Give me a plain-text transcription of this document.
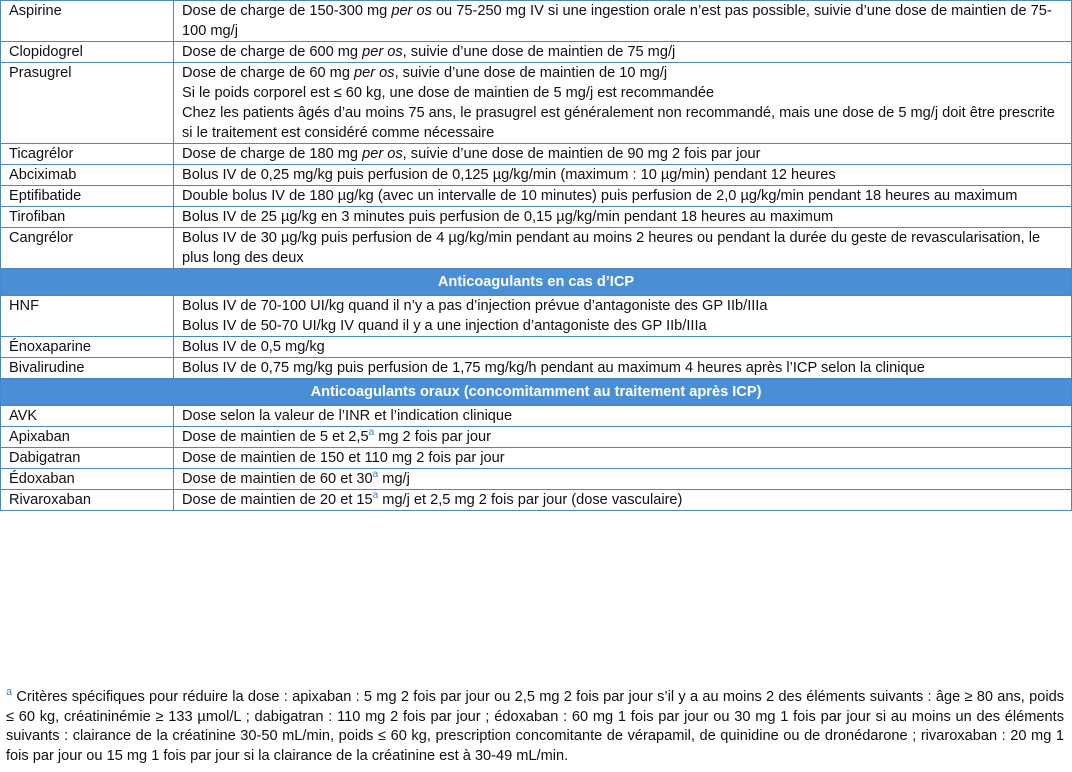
Aspirine	Dose de charge de 150-300 mg per os ou 75-250 mg IV si une ingestion orale n’est pas possible, suivie d’une dose de maintien de 75-100 mg/j

Clopidogrel	Dose de charge de 600 mg per os, suivie d’une dose de maintien de 75 mg/j

Prasugrel	Dose de charge de 60 mg per os, suivie d’une dose de maintien de 10 mg/j
Si le poids corporel est ≤ 60 kg, une dose de maintien de 5 mg/j est recommandée
Chez les patients âgés d’au moins 75 ans, le prasugrel est généralement non recommandé, mais une dose de 5 mg/j doit être prescrite si le traitement est considéré comme nécessaire

Ticagrélor	Dose de charge de 180 mg per os, suivie d’une dose de maintien de 90 mg 2 fois par jour

Abciximab	Bolus IV de 0,25 mg/kg puis perfusion de 0,125 µg/kg/min (maximum : 10 µg/min) pendant 12 heures

Eptifibatide	Double bolus IV de 180 µg/kg (avec un intervalle de 10 minutes) puis perfusion de 2,0 µg/kg/min pendant 18 heures au maximum

Tirofiban	Bolus IV de 25 µg/kg en 3 minutes puis perfusion de 0,15 µg/kg/min pendant 18 heures au maximum

Cangrélor	Bolus IV de 30 µg/kg puis perfusion de 4 µg/kg/min pendant au moins 2 heures ou pendant la durée du geste de revascularisation, le plus long des deux

Anticoagulants en cas d’ICP	
HNF	Bolus IV de 70-100 UI/kg quand il n’y a pas d’injection prévue d’antagoniste des GP IIb/IIIa
Bolus IV de 50-70 UI/kg IV quand il y a une injection d’antagoniste des GP IIb/IIIa

Énoxaparine	Bolus IV de 0,5 mg/kg

Bivalirudine	Bolus IV de 0,75 mg/kg puis perfusion de 1,75 mg/kg/h pendant au maximum 4 heures après l’ICP selon la clinique

Anticoagulants oraux (concomitamment au traitement après ICP)	
AVK	Dose selon la valeur de l’INR et l’indication clinique

Apixaban	Dose de maintien de 5 et 2,5$^a$ mg 2 fois par jour

Dabigatran	Dose de maintien de 150 et 110 mg 2 fois par jour

Édoxaban	Dose de maintien de 60 et 30$^a$ mg/j

Rivaroxaban	Dose de maintien de 20 et 15$^a$ mg/j et 2,5 mg 2 fois par jour (dose vasculaire)
$^a$ Critères spécifiques pour réduire la dose : apixaban : 5 mg 2 fois par jour ou 2,5 mg 2 fois par jour s’il y a au moins 2 des éléments suivants : âge ≥ 80 ans, poids ≤ 60 kg, créatininémie ≥ 133 µmol/L ; dabigatran : 110 mg 2 fois par jour ; édoxaban : 60 mg 1 fois par jour ou 30 mg 1 fois par jour si au moins un des éléments suivants : clairance de la créatinine 30-50 mL/min, poids ≤ 60 kg, prescription concomitante de vérapamil, de quinidine ou de dronédarone ; rivaroxaban : 20 mg 1 fois par jour ou 15 mg 1 fois par jour si la clairance de la créatinine est à 30-49 mL/min.
